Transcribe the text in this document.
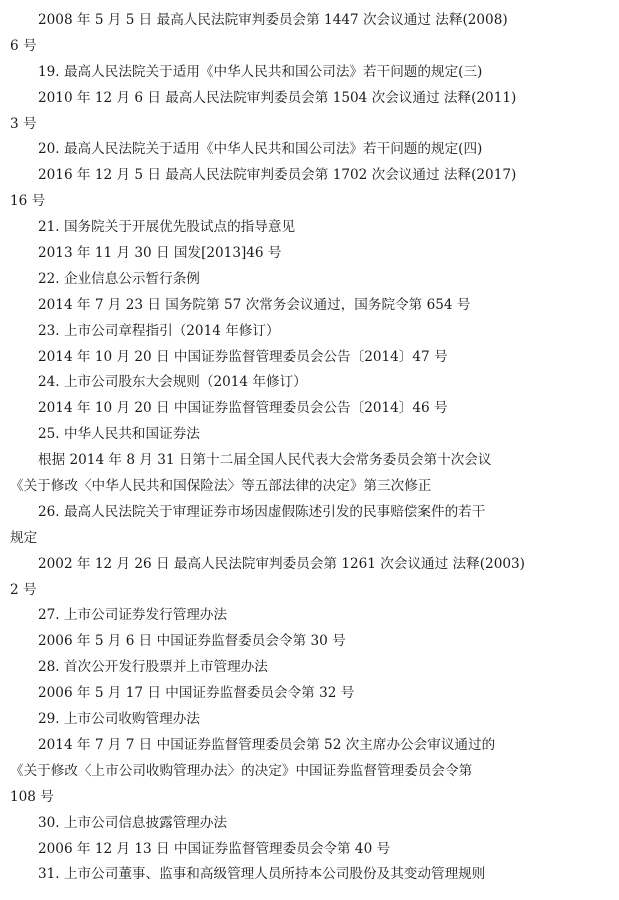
2008 年 5 月 5 日 最高人民法院审判委员会第 1447 次会议通过 法释(2008)
6 号
19. 最高人民法院关于适用《中华人民共和国公司法》若干问题的规定(三)
2010 年 12 月 6 日 最高人民法院审判委员会第 1504 次会议通过 法释(2011)
3 号
20. 最高人民法院关于适用《中华人民共和国公司法》若干问题的规定(四)
2016 年 12 月 5 日 最高人民法院审判委员会第 1702 次会议通过 法释(2017)
16 号
21. 国务院关于开展优先股试点的指导意见
2013 年 11 月 30 日 国发[2013]46 号
22. 企业信息公示暂行条例
2014 年 7 月 23 日 国务院第 57 次常务会议通过，国务院令第 654 号
23. 上市公司章程指引（2014 年修订）
2014 年 10 月 20 日 中国证券监督管理委员会公告〔2014〕47 号
24. 上市公司股东大会规则（2014 年修订）
2014 年 10 月 20 日 中国证券监督管理委员会公告〔2014〕46 号
25. 中华人民共和国证券法
根据 2014 年 8 月 31 日第十二届全国人民代表大会常务委员会第十次会议
《关于修改〈中华人民共和国保险法〉等五部法律的决定》第三次修正
26. 最高人民法院关于审理证券市场因虚假陈述引发的民事赔偿案件的若干
规定
2002 年 12 月 26 日 最高人民法院审判委员会第 1261 次会议通过 法释(2003)
2 号
27. 上市公司证券发行管理办法
2006 年 5 月 6 日 中国证券监督委员会令第 30 号
28. 首次公开发行股票并上市管理办法
2006 年 5 月 17 日 中国证券监督委员会令第 32 号
29. 上市公司收购管理办法
2014 年 7 月 7 日 中国证券监督管理委员会第 52 次主席办公会审议通过的
《关于修改〈上市公司收购管理办法〉的决定》中国证券监督管理委员会令第
108 号
30. 上市公司信息披露管理办法
2006 年 12 月 13 日 中国证券监督管理委员会令第 40 号
31. 上市公司董事、监事和高级管理人员所持本公司股份及其变动管理规则
